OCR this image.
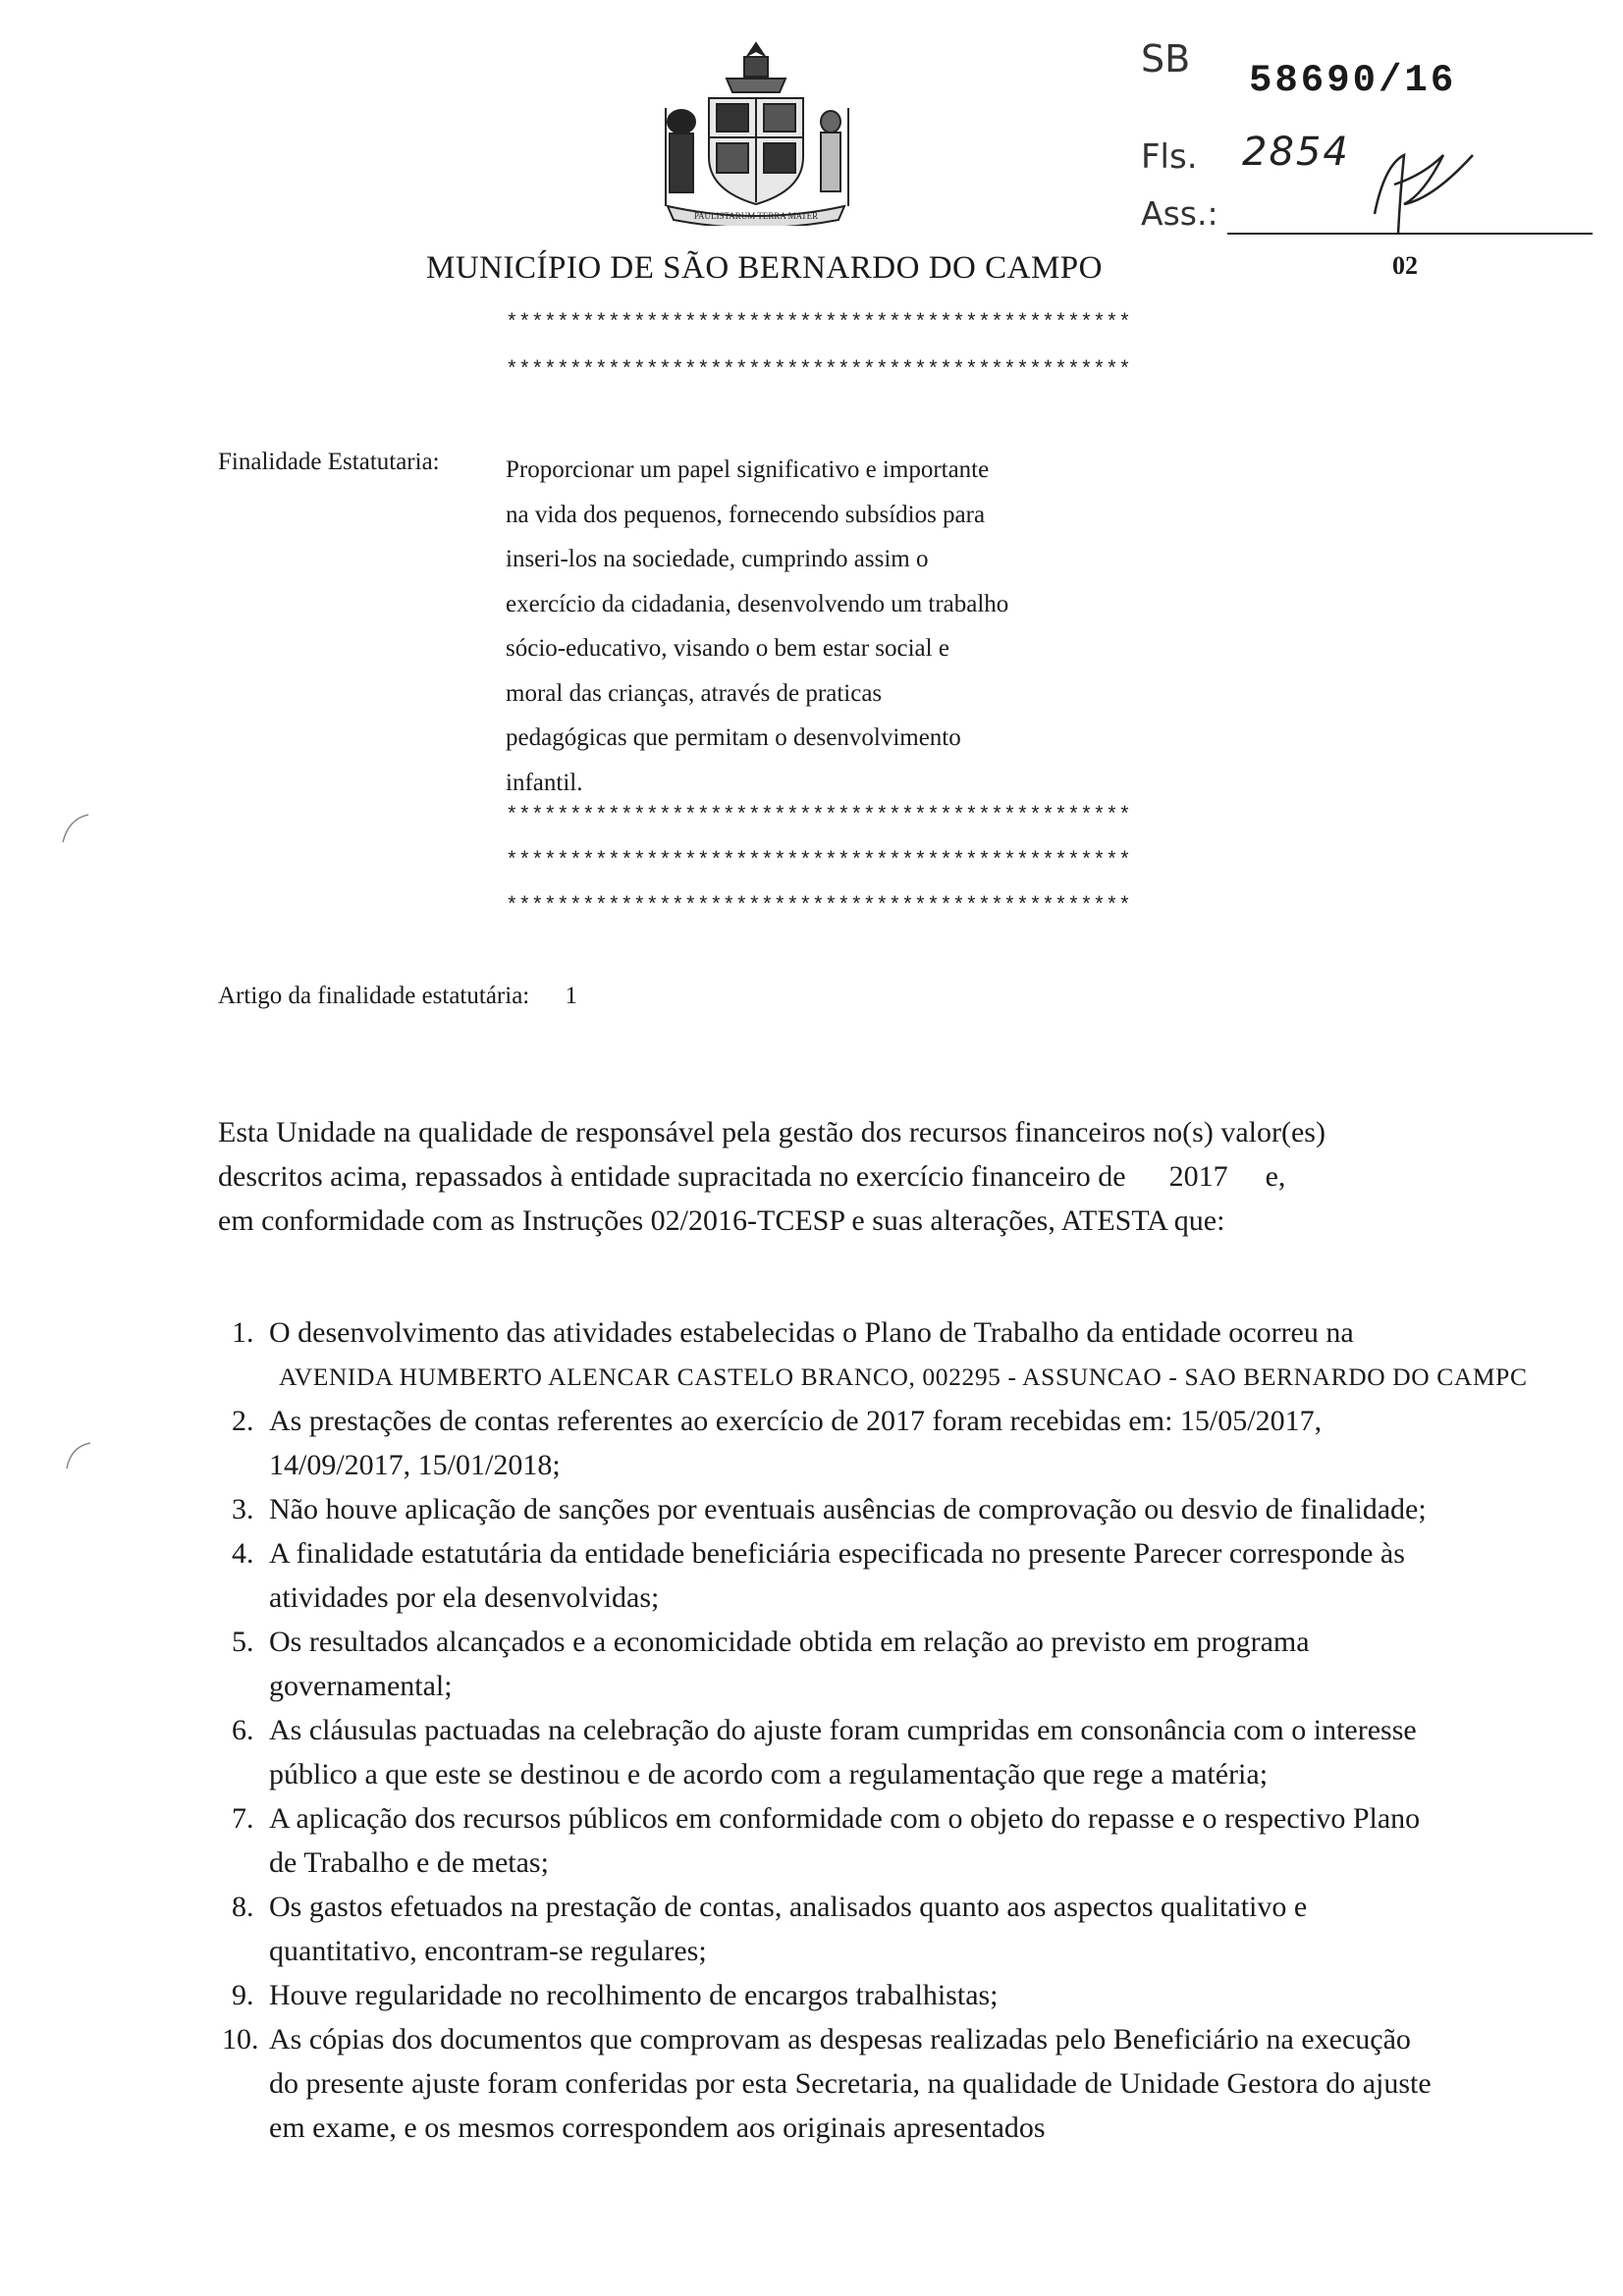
PAULISTARUM TERRA MATER
MUNICÍPIO DE SÃO BERNARDO DO CAMPO
SB 58690/16
Fls. 2854
Ass.:
02
*************************************************
*************************************************
Finalidade Estatutaria:	Proporcionar um papel significativo e importante
na vida dos pequenos, fornecendo subsídios para
inseri-los na sociedade, cumprindo assim o
exercício da cidadania, desenvolvendo um trabalho
sócio-educativo, visando o bem estar social e
moral das crianças, através de praticas
pedagógicas que permitam o desenvolvimento
infantil.
*************************************************
*************************************************
*************************************************
Artigo da finalidade estatutária: 1
Esta Unidade na qualidade de responsável pela gestão dos recursos financeiros no(s) valor(es)
descritos acima, repassados à entidade supracitada no exercício financeiro de 2017 e,
em conformidade com as Instruções 02/2016-TCESP e suas alterações, ATESTA que:
1. O desenvolvimento das atividades estabelecidas o Plano de Trabalho da entidade ocorreu na
AVENIDA HUMBERTO ALENCAR CASTELO BRANCO, 002295 - ASSUNCAO - SAO BERNARDO DO CAMPC
2. As prestações de contas referentes ao exercício de 2017 foram recebidas em: 15/05/2017, 14/09/2017, 15/01/2018;
3. Não houve aplicação de sanções por eventuais ausências de comprovação ou desvio de finalidade;
4. A finalidade estatutária da entidade beneficiária especificada no presente Parecer corresponde às atividades por ela desenvolvidas;
5. Os resultados alcançados e a economicidade obtida em relação ao previsto em programa governamental;
6. As cláusulas pactuadas na celebração do ajuste foram cumpridas em consonância com o interesse público a que este se destinou e de acordo com a regulamentação que rege a matéria;
7. A aplicação dos recursos públicos em conformidade com o objeto do repasse e o respectivo Plano de Trabalho e de metas;
8. Os gastos efetuados na prestação de contas, analisados quanto aos aspectos qualitativo e quantitativo, encontram-se regulares;
9. Houve regularidade no recolhimento de encargos trabalhistas;
10. As cópias dos documentos que comprovam as despesas realizadas pelo Beneficiário na execução do presente ajuste foram conferidas por esta Secretaria, na qualidade de Unidade Gestora do ajuste em exame, e os mesmos correspondem aos originais apresentados
